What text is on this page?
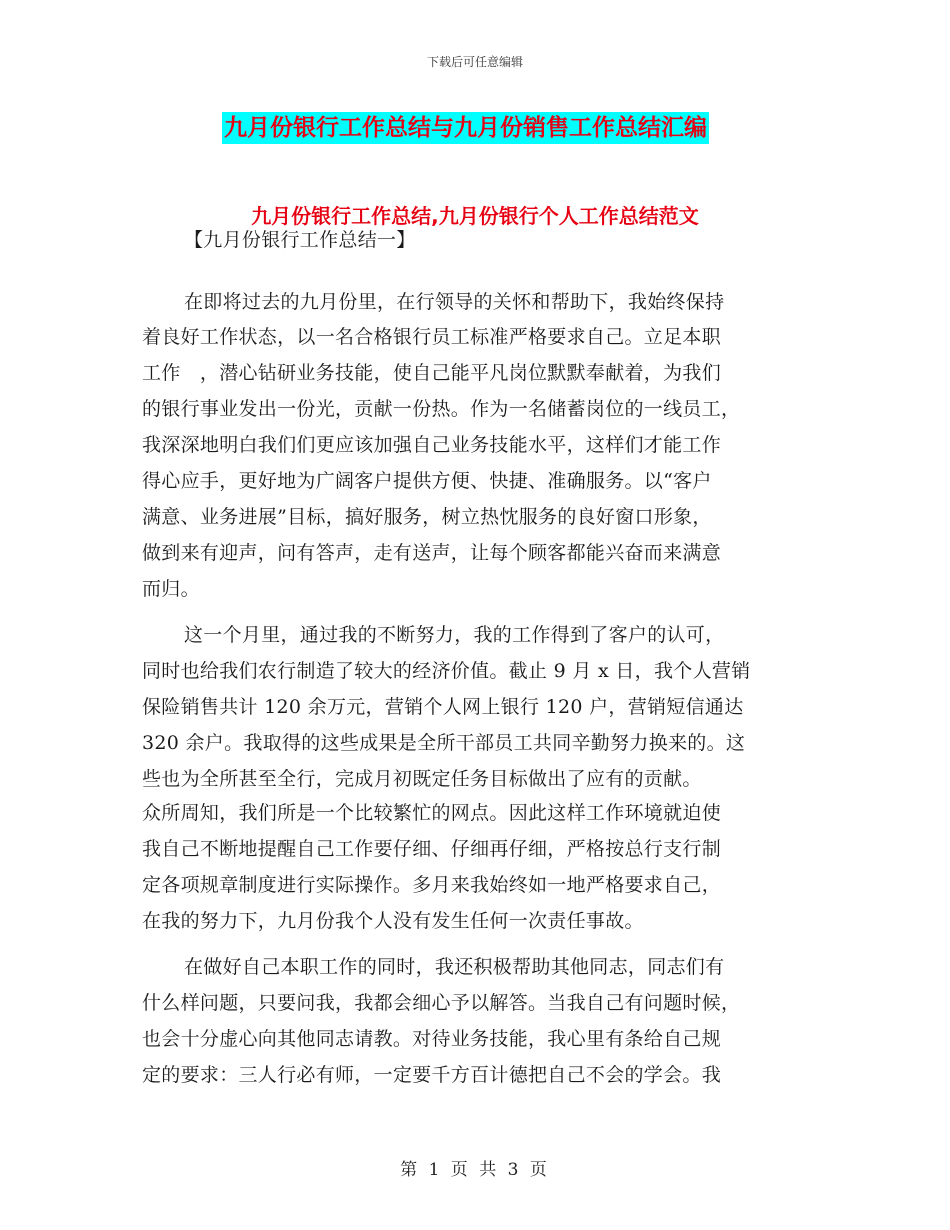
下载后可任意编辑
九月份银行工作总结与九月份销售工作总结汇编
九月份银行工作总结,九月份银行个人工作总结范文
【九月份银行工作总结一】
在即将过去的九月份里，在行领导的关怀和帮助下，我始终保持
着良好工作状态，以一名合格银行员工标准严格要求自己。立足本职
工作　，潜心钻研业务技能，使自己能平凡岗位默默奉献着，为我们
的银行事业发出一份光，贡献一份热。作为一名储蓄岗位的一线员工，
我深深地明白我们们更应该加强自己业务技能水平，这样们才能工作
得心应手，更好地为广阔客户提供方便、快捷、准确服务。以“客户
满意、业务进展”目标，搞好服务，树立热忱服务的良好窗口形象，
做到来有迎声，问有答声，走有送声，让每个顾客都能兴奋而来满意
而归。
这一个月里，通过我的不断努力，我的工作得到了客户的认可，
同时也给我们农行制造了较大的经济价值。截止 9 月 x 日，我个人营销
保险销售共计 120 余万元，营销个人网上银行 120 户，营销短信通达
320 余户。我取得的这些成果是全所干部员工共同辛勤努力换来的。这
些也为全所甚至全行，完成月初既定任务目标做出了应有的贡献。
众所周知，我们所是一个比较繁忙的网点。因此这样工作环境就迫使
我自己不断地提醒自己工作要仔细、仔细再仔细，严格按总行支行制
定各项规章制度进行实际操作。多月来我始终如一地严格要求自己，
在我的努力下，九月份我个人没有发生任何一次责任事故。
在做好自己本职工作的同时，我还积极帮助其他同志，同志们有
什么样问题，只要问我，我都会细心予以解答。当我自己有问题时候，
也会十分虚心向其他同志请教。对待业务技能，我心里有条给自己规
定的要求：三人行必有师，一定要千方百计德把自己不会的学会。我
第 1 页 共 3 页
